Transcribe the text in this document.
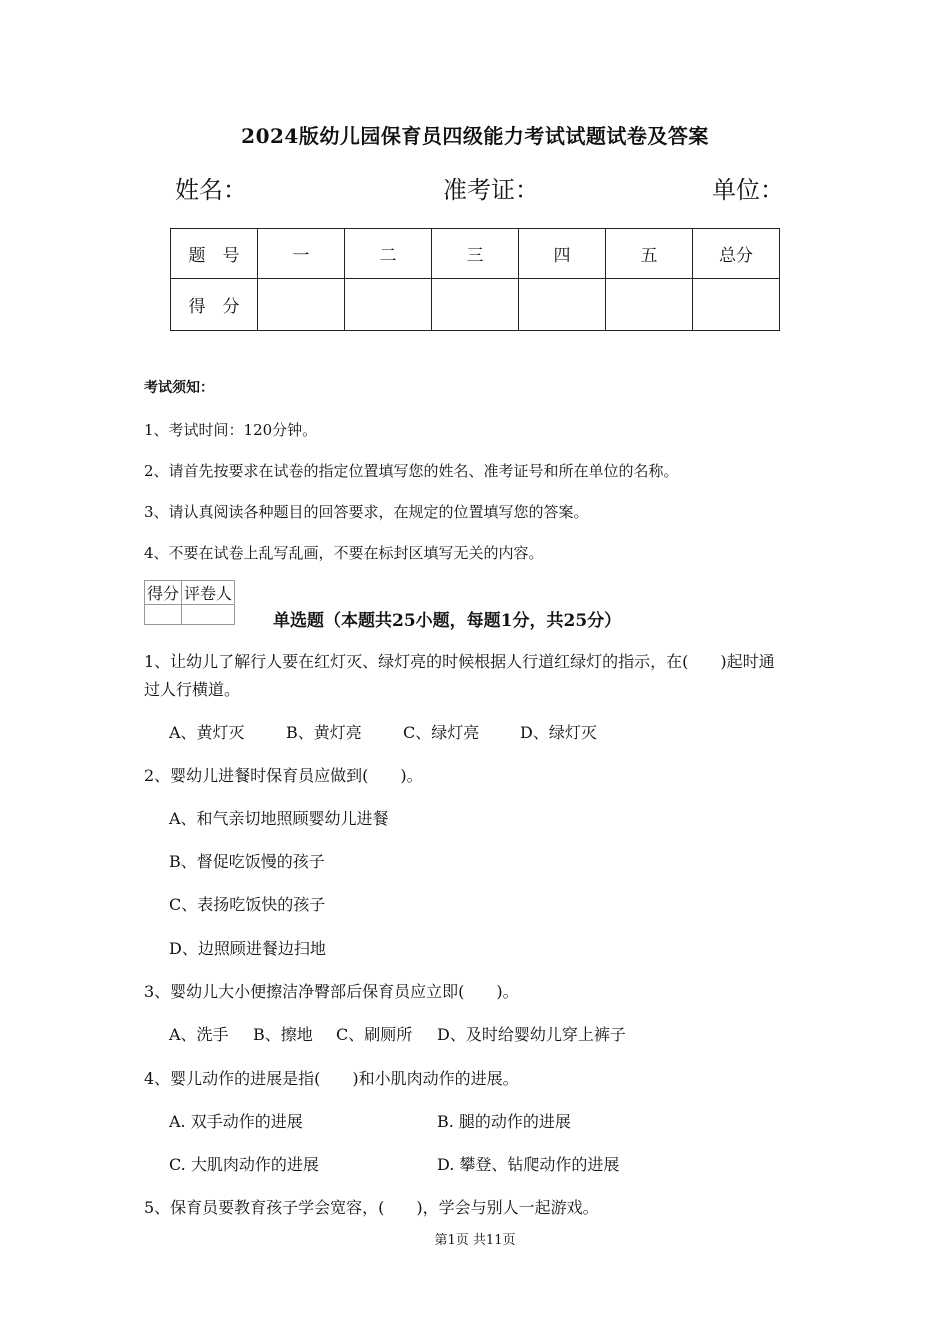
2024版幼儿园保育员四级能力考试试题试卷及答案
姓名：	准考证：	单位：
题　号	一	二	三	四	五	总分
得　分						
考试须知：
1、考试时间：120分钟。
2、请首先按要求在试卷的指定位置填写您的姓名、准考证号和所在单位的名称。
3、请认真阅读各种题目的回答要求，在规定的位置填写您的答案。
4、不要在试卷上乱写乱画，不要在标封区填写无关的内容。
得分	评卷人

单选题（本题共25小题，每题1分，共25分）
1、让幼儿了解行人要在红灯灭、绿灯亮的时候根据人行道红绿灯的指示，在(　　)起时通
过人行横道。
A、黄灯灭	B、黄灯亮	C、绿灯亮	D、绿灯灭
2、婴幼儿进餐时保育员应做到(　　)。
A、和气亲切地照顾婴幼儿进餐
B、督促吃饭慢的孩子
C、表扬吃饭快的孩子
D、边照顾进餐边扫地
3、婴幼儿大小便擦洁净臀部后保育员应立即(　　)。
A、洗手 B、擦地 C、刷厕所 D、及时给婴幼儿穿上裤子
4、婴儿动作的进展是指(　　)和小肌肉动作的进展。
A. 双手动作的进展	B. 腿的动作的进展
C. 大肌肉动作的进展	D. 攀登、钻爬动作的进展
5、保育员要教育孩子学会宽容，(　　)，学会与别人一起游戏。
第1页 共11页
